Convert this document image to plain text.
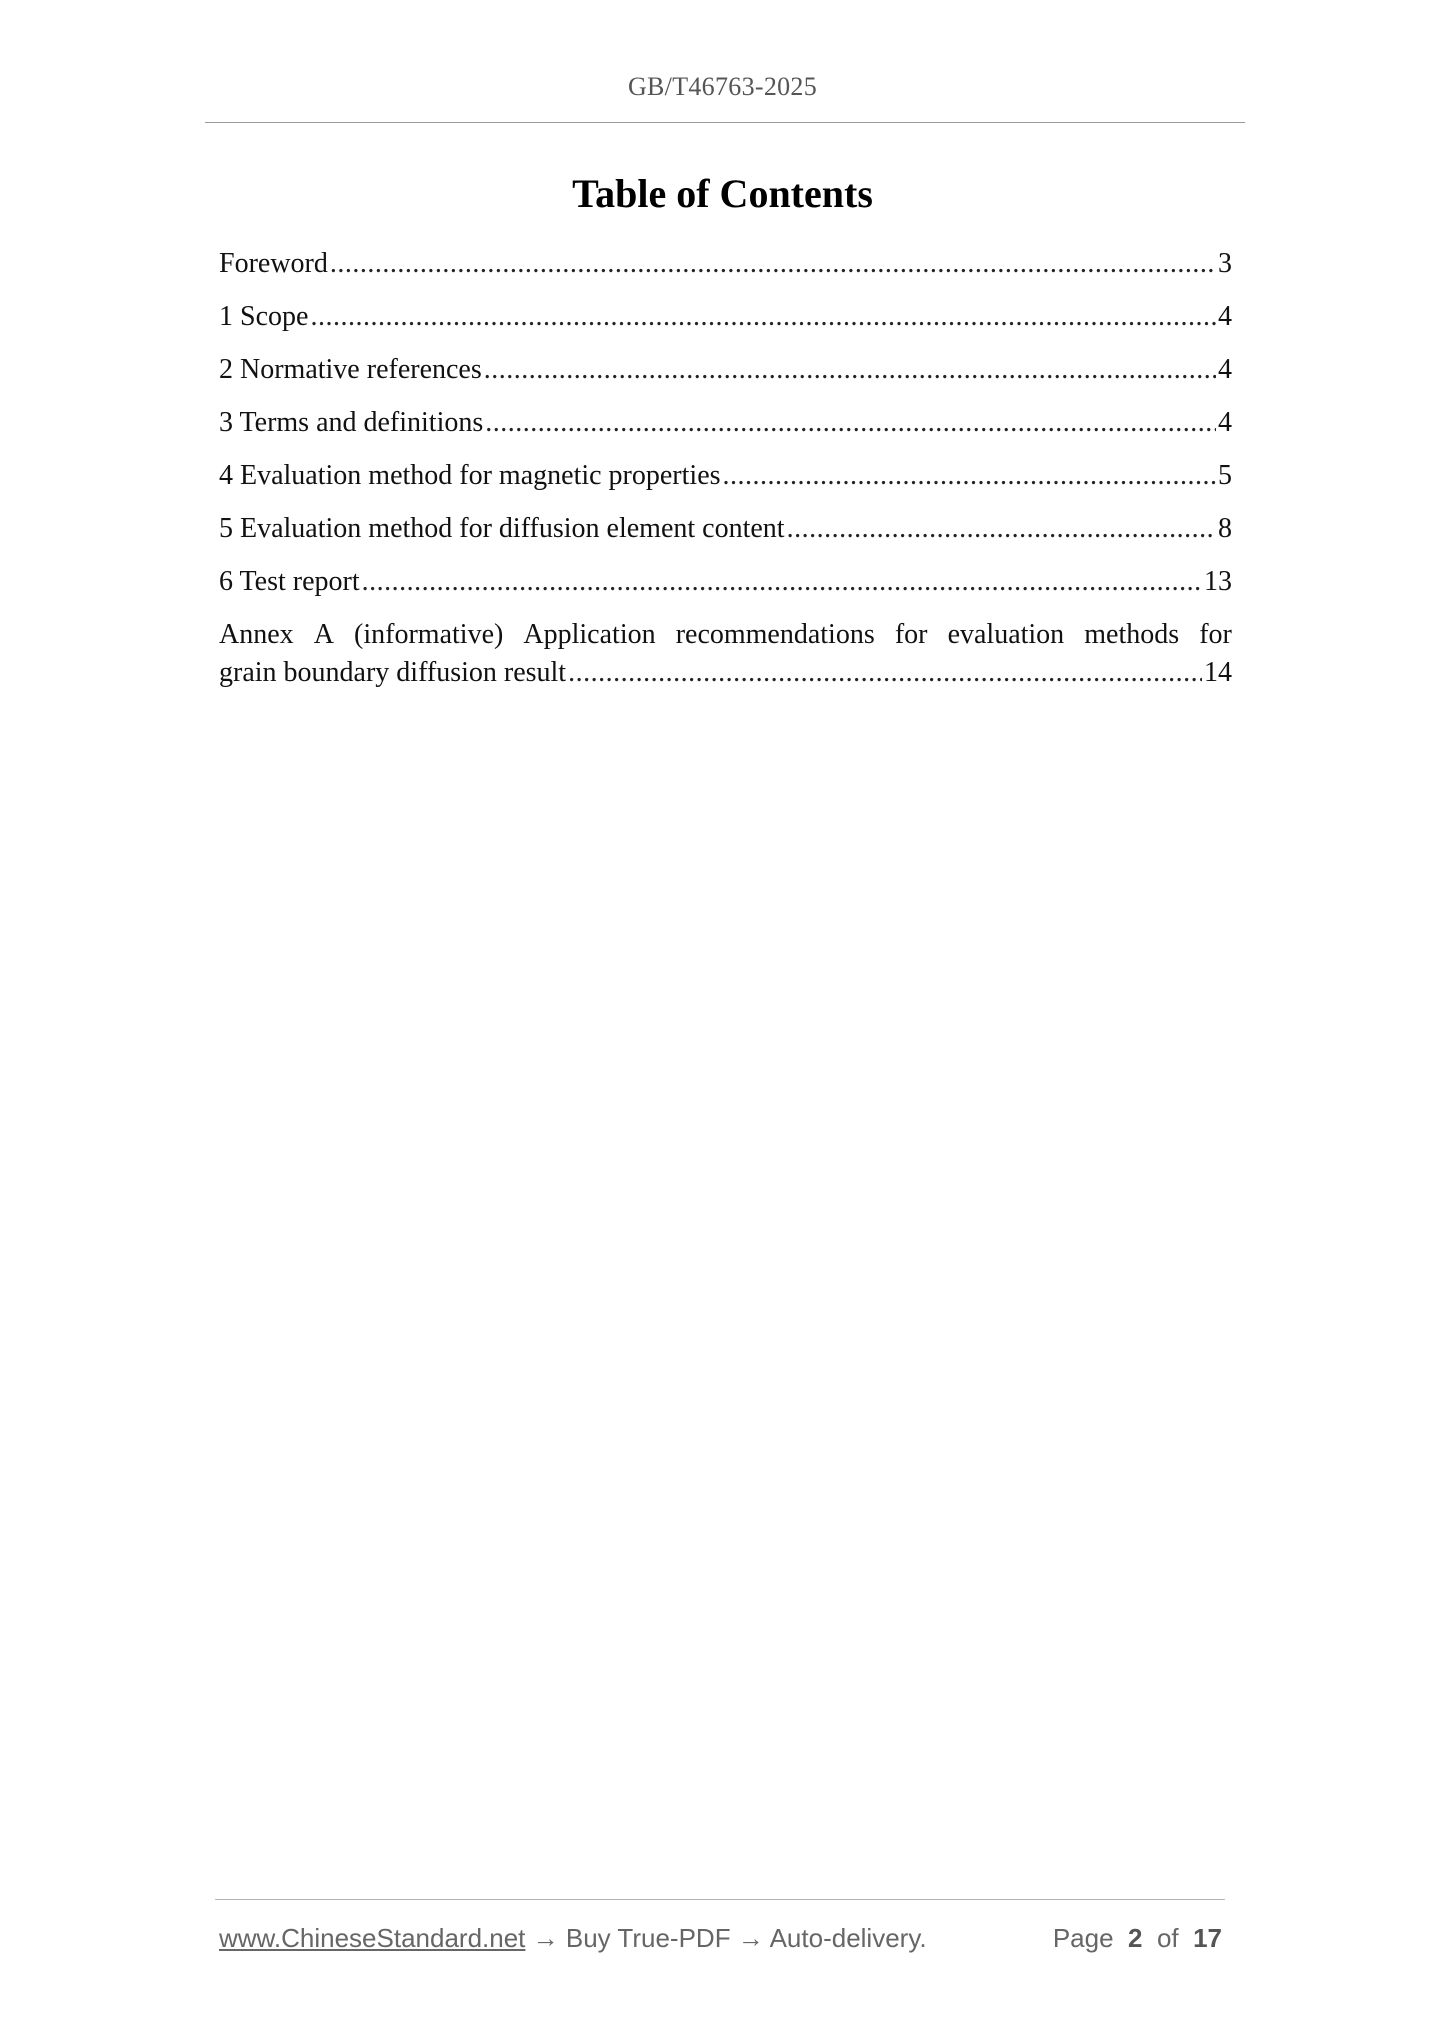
GB/T46763-2025
Table of Contents
Foreword .....	3
1 Scope .....	4
2 Normative references .....	4
3 Terms and definitions .....	4
4 Evaluation method for magnetic properties .....	5
5 Evaluation method for diffusion element content .....	8
6 Test report .....	13
Annex A (informative) Application recommendations for evaluation methods for
grain boundary diffusion result .....	14
www.ChineseStandard.net → Buy True-PDF → Auto-delivery.	Page 2 of 17
